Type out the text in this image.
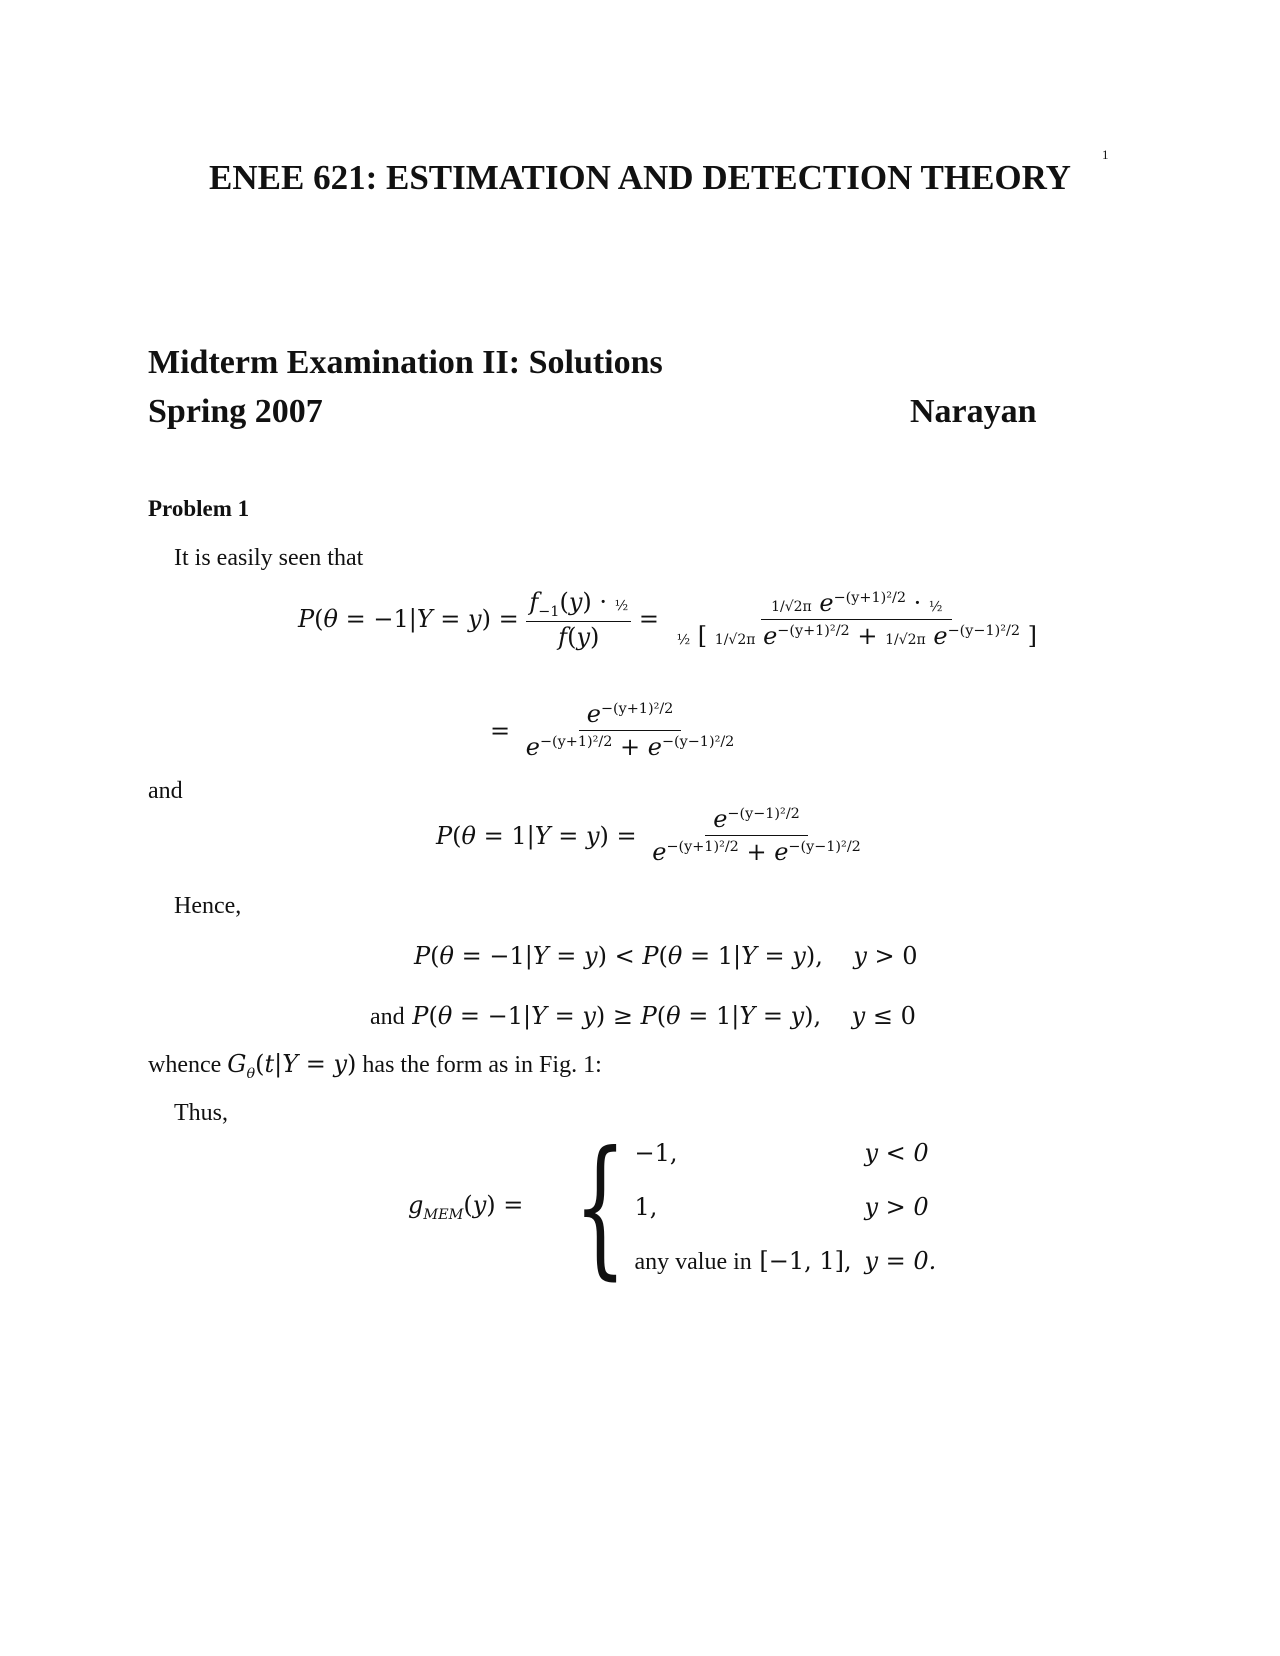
1
ENEE 621: ESTIMATION AND DETECTION THEORY
Midterm Examination II: Solutions
Spring 2007	Narayan
Problem 1
It is easily seen that
$P(\theta = -1|Y = y) = \frac{f_{-1}(y) \cdot \frac{1}{2}}{f(y)} = \frac{1/√2\pi e^{-(y+1)^2/2} \cdot \frac{1}{2}}{\frac{1}{2} [ 1/√2\pi e^{-(y+1)^2/2} + 1/√2\pi e^{-(y-1)^2/2} ]}$
= $\frac{e^{-(y+1)^2/2}}{e^{-(y+1)^2/2} + e^{-(y-1)^2/2}}$
and
$P(\theta = 1|Y = y) = \frac{e^{-(y-1)^2/2}}{e^{-(y+1)^2/2} + e^{-(y-1)^2/2}}$
Hence,
P(θ = −1|Y = y) < P(θ = 1|Y = y),    y > 0
and P(θ = −1|Y = y) ≥ P(θ = 1|Y = y),    y ≤ 0
whence $G_\theta(t|Y = y)$ has the form as in Fig. 1:
Thus,
$g_{MEM}(y)$ = { −1,	y < 0
1,	y > 0
any value in [−1, 1], y = 0.
